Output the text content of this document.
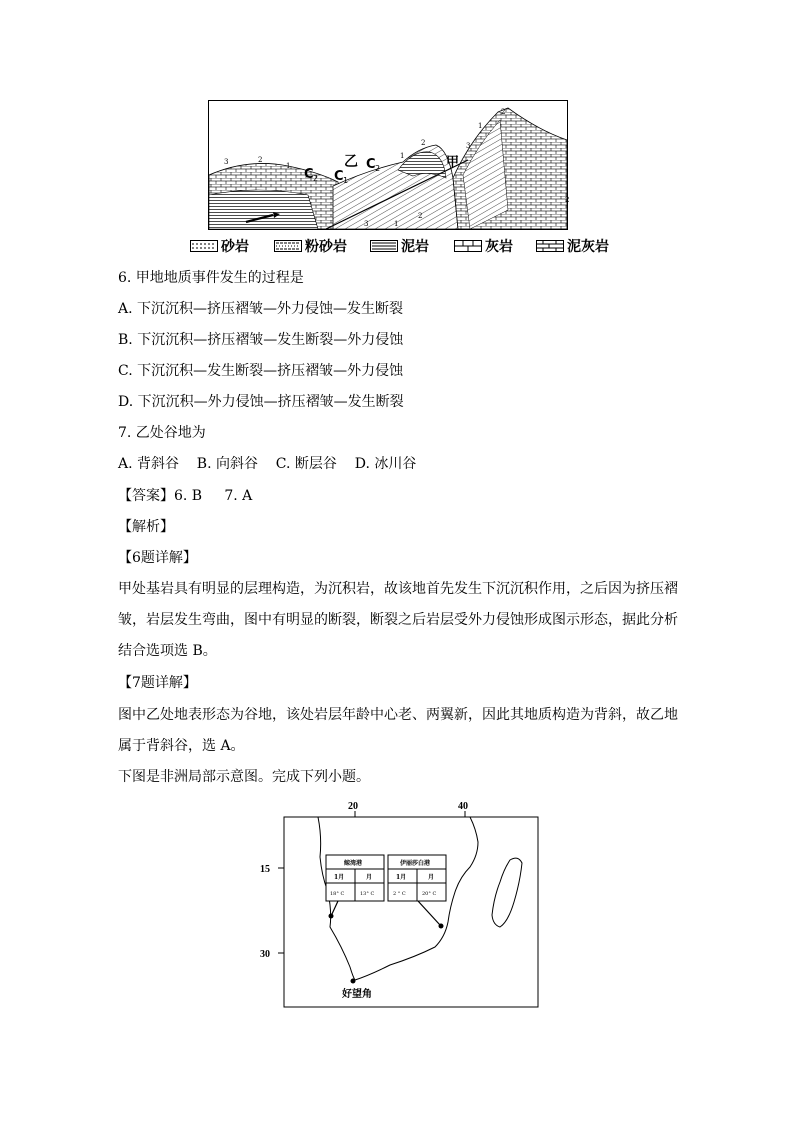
甲
乙
C 2 C 1
C 2
3	2
1
1
2
2
1
3
2
2
1
3
砂岩	粉砂岩	泥岩	灰岩	泥灰岩
6. 甲地地质事件发生的过程是
A. 下沉沉积—挤压褶皱—外力侵蚀—发生断裂
B. 下沉沉积—挤压褶皱—发生断裂—外力侵蚀
C. 下沉沉积—发生断裂—挤压褶皱—外力侵蚀
D. 下沉沉积—外力侵蚀—挤压褶皱—发生断裂
7. 乙处谷地为
A. 背斜谷    B. 向斜谷    C. 断层谷    D. 冰川谷
【答案】6. B     7. A
【解析】
【6题详解】
甲处基岩具有明显的层理构造，为沉积岩，故该地首先发生下沉沉积作用，之后因为挤压褶
皱，岩层发生弯曲，图中有明显的断裂，断裂之后岩层受外力侵蚀形成图示形态，据此分析
结合选项选 B。
【7题详解】
图中乙处地表形态为谷地，该处岩层年龄中心老、两翼新，因此其地质构造为背斜，故乙地
属于背斜谷，选 A。
下图是非洲局部示意图。完成下列小题。
20	40
15
30
鲸湾港
1月	月
18° C	13° C
伊丽莎白港
1月	月
2 ° C	20° C
好望角
